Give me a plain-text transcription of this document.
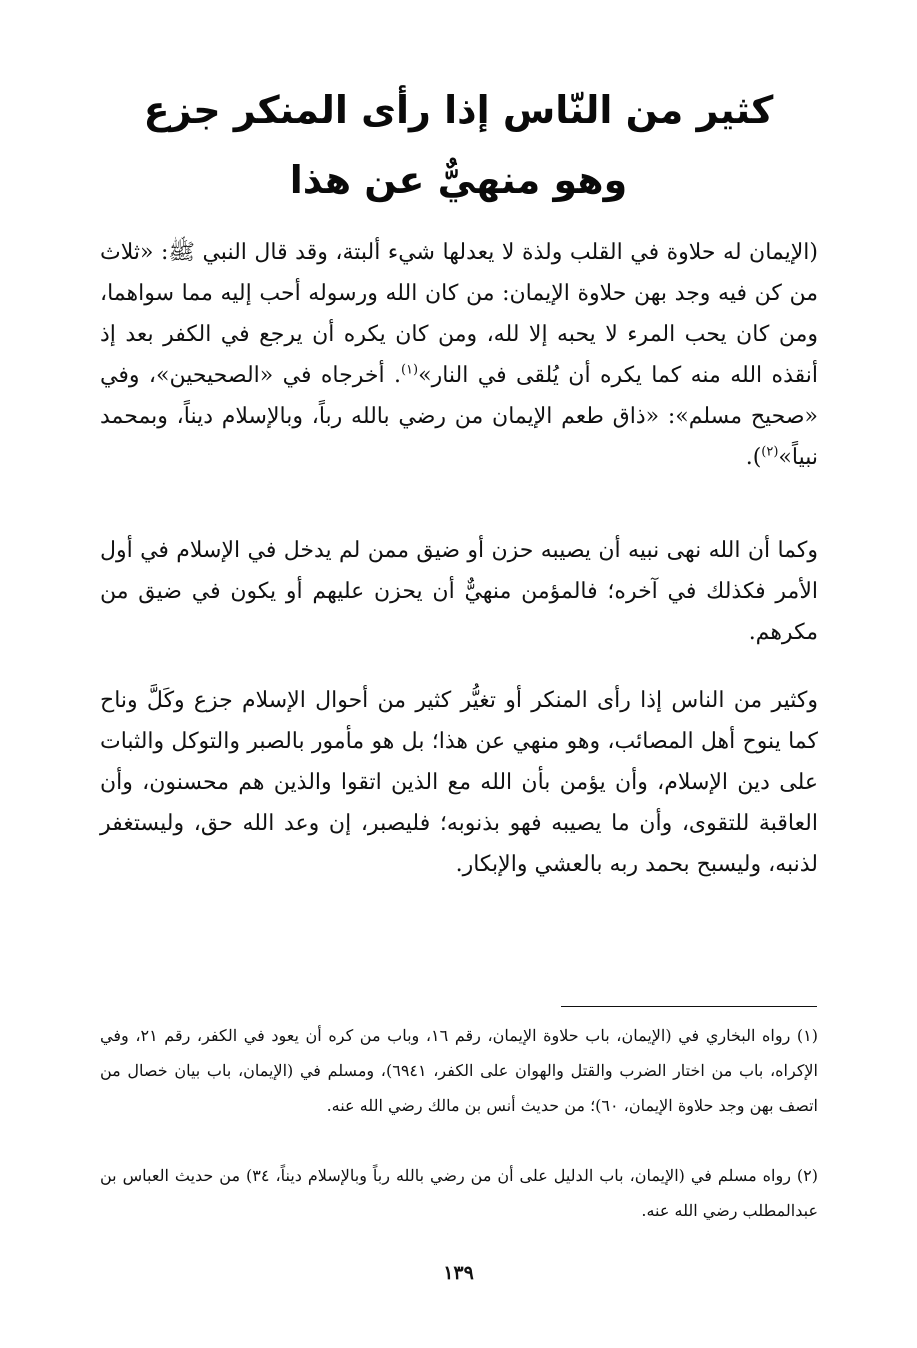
كثير من النّاس إذا رأى المنكر جزع
وهو منهيٌّ عن هذا

(الإيمان له حلاوة في القلب ولذة لا يعدلها شيء ألبتة، وقد قال النبي ﷺ: «ثلاث من كن فيه وجد بهن حلاوة الإيمان: من كان الله ورسوله أحب إليه مما سواهما، ومن كان يحب المرء لا يحبه إلا لله، ومن كان يكره أن يرجع في الكفر بعد إذ أنقذه الله منه كما يكره أن يُلقى في النار»$^{(١)}$. أخرجاه في «الصحيحين»، وفي «صحيح مسلم»: «ذاق طعم الإيمان من رضي بالله رباً، وبالإسلام ديناً، وبمحمد نبياً»$^{(٢)}$).

وكما أن الله نهى نبيه أن يصيبه حزن أو ضيق ممن لم يدخل في الإسلام في أول الأمر فكذلك في آخره؛ فالمؤمن منهيٌّ أن يحزن عليهم أو يكون في ضيق من مكرهم.

وكثير من الناس إذا رأى المنكر أو تغيُّر كثير من أحوال الإسلام جزع وكَلَّ وناح كما ينوح أهل المصائب، وهو منهي عن هذا؛ بل هو مأمور بالصبر والتوكل والثبات على دين الإسلام، وأن يؤمن بأن الله مع الذين اتقوا والذين هم محسنون، وأن العاقبة للتقوى، وأن ما يصيبه فهو بذنوبه؛ فليصبر، إن وعد الله حق، وليستغفر لذنبه، وليسبح بحمد ربه بالعشي والإبكار.

(١) رواه البخاري في (الإيمان، باب حلاوة الإيمان، رقم ١٦، وباب من كره أن يعود في الكفر، رقم ٢١، وفي الإكراه، باب من اختار الضرب والقتل والهوان على الكفر، ٦٩٤١)، ومسلم في (الإيمان، باب بيان خصال من اتصف بهن وجد حلاوة الإيمان، ٦٠)؛ من حديث أنس بن مالك رضي الله عنه.

(٢) رواه مسلم في (الإيمان، باب الدليل على أن من رضي بالله رباً وبالإسلام ديناً، ٣٤) من حديث العباس بن عبدالمطلب رضي الله عنه.

١٣٩
